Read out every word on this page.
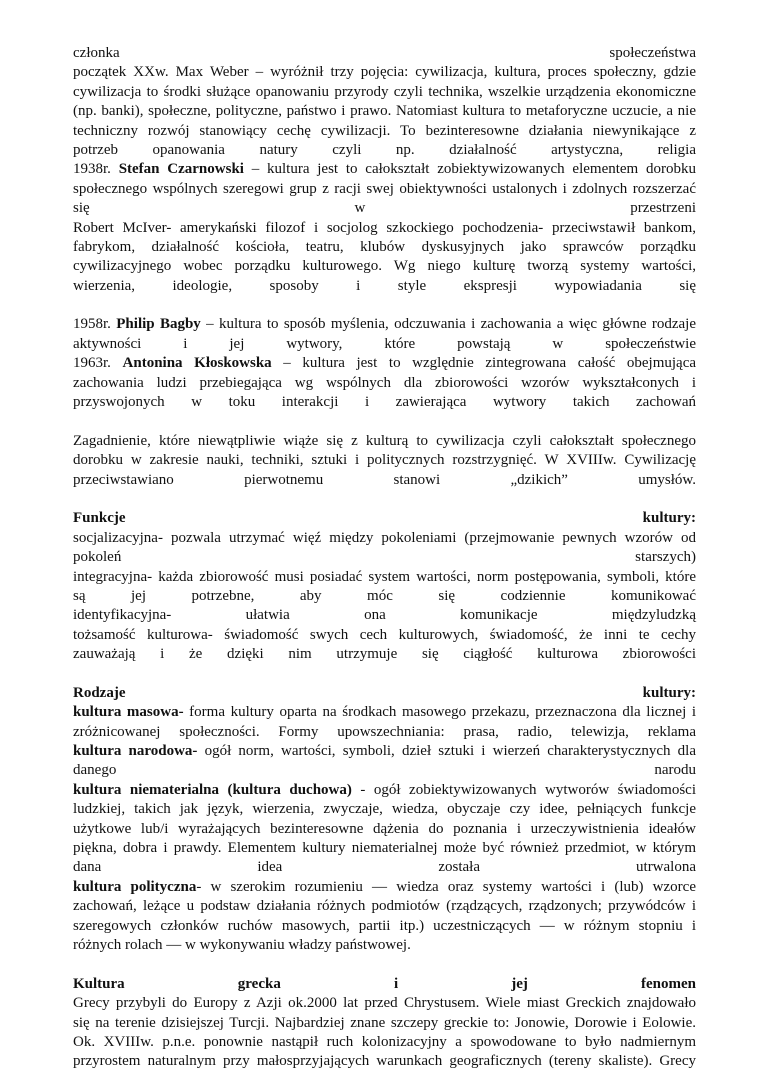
członka społeczeństwa
początek XXw. Max Weber – wyróżnił trzy pojęcia: cywilizacja, kultura, proces społeczny, gdzie
cywilizacja to środki służące opanowaniu przyrody czyli technika, wszelkie urządzenia ekonomiczne
(np. banki), społeczne, polityczne, państwo i prawo. Natomiast kultura to metaforyczne uczucie, a nie
techniczny rozwój stanowiący cechę cywilizacji. To bezinteresowne działania niewynikające z
potrzeb opanowania natury czyli np. działalność artystyczna, religia
1938r. Stefan Czarnowski – kultura jest to całokształt zobiektywizowanych elementem dorobku
społecznego wspólnych szeregowi grup z racji swej obiektywności ustalonych i zdolnych rozszerzać
się w przestrzeni
Robert McIver- amerykański filozof i socjolog szkockiego pochodzenia- przeciwstawił bankom,
fabrykom, działalność kościoła, teatru, klubów dyskusyjnych jako sprawców porządku
cywilizacyjnego wobec porządku kulturowego. Wg niego kulturę tworzą systemy wartości,
wierzenia, ideologie, sposoby i style ekspresji wypowiadania się
1958r. Philip Bagby – kultura to sposób myślenia, odczuwania i zachowania a więc główne rodzaje
aktywności i jej wytwory, które powstają w społeczeństwie
1963r. Antonina Kłoskowska – kultura jest to względnie zintegrowana całość obejmująca
zachowania ludzi przebiegająca wg wspólnych dla zbiorowości wzorów wykształconych i
przyswojonych w toku interakcji i zawierająca wytwory takich zachowań
Zagadnienie, które niewątpliwie wiąże się z kulturą to cywilizacja czyli całokształt społecznego
dorobku w zakresie nauki, techniki, sztuki i politycznych rozstrzygnięć. W XVIIIw. Cywilizację
przeciwstawiano pierwotnemu stanowi „dzikich” umysłów.
Funkcje kultury:
socjalizacyjna- pozwala utrzymać więź między pokoleniami (przejmowanie pewnych wzorów od
pokoleń starszych)
integracyjna- każda zbiorowość musi posiadać system wartości, norm postępowania, symboli, które
są jej potrzebne, aby móc się codziennie komunikować
identyfikacyjna- ułatwia ona komunikacje międzyludzką
tożsamość kulturowa- świadomość swych cech kulturowych, świadomość, że inni te cechy
zauważają i że dzięki nim utrzymuje się ciągłość kulturowa zbiorowości
Rodzaje kultury:
kultura masowa- forma kultury oparta na środkach masowego przekazu, przeznaczona dla licznej i
zróżnicowanej społeczności. Formy upowszechniania: prasa, radio, telewizja, reklama
kultura narodowa- ogół norm, wartości, symboli, dzieł sztuki i wierzeń charakterystycznych dla
danego narodu
kultura niematerialna (kultura duchowa) - ogół zobiektywizowanych wytworów świadomości
ludzkiej, takich jak język, wierzenia, zwyczaje, wiedza, obyczaje czy idee, pełniących funkcje
użytkowe lub/i wyrażających bezinteresowne dążenia do poznania i urzeczywistnienia ideałów
piękna, dobra i prawdy. Elementem kultury niematerialnej może być również przedmiot, w którym
dana idea została utrwalona
kultura polityczna- w szerokim rozumieniu — wiedza oraz systemy wartości i (lub) wzorce
zachowań, leżące u podstaw działania różnych podmiotów (rządzących, rządzonych; przywódców i
szeregowych członków ruchów masowych, partii itp.) uczestniczących — w różnym stopniu i
różnych rolach — w wykonywaniu władzy państwowej.
Kultura grecka i jej fenomen
Grecy przybyli do Europy z Azji ok.2000 lat przed Chrystusem. Wiele miast Greckich znajdowało
się na terenie dzisiejszej Turcji. Najbardziej znane szczepy greckie to: Jonowie, Dorowie i Eolowie.
Ok. XVIIIw. p.n.e. ponownie nastąpił ruch kolonizacyjny a spowodowane to było nadmiernym
przyrostem naturalnym przy małosprzyjających warunkach geograficznych (tereny skaliste). Grecy
